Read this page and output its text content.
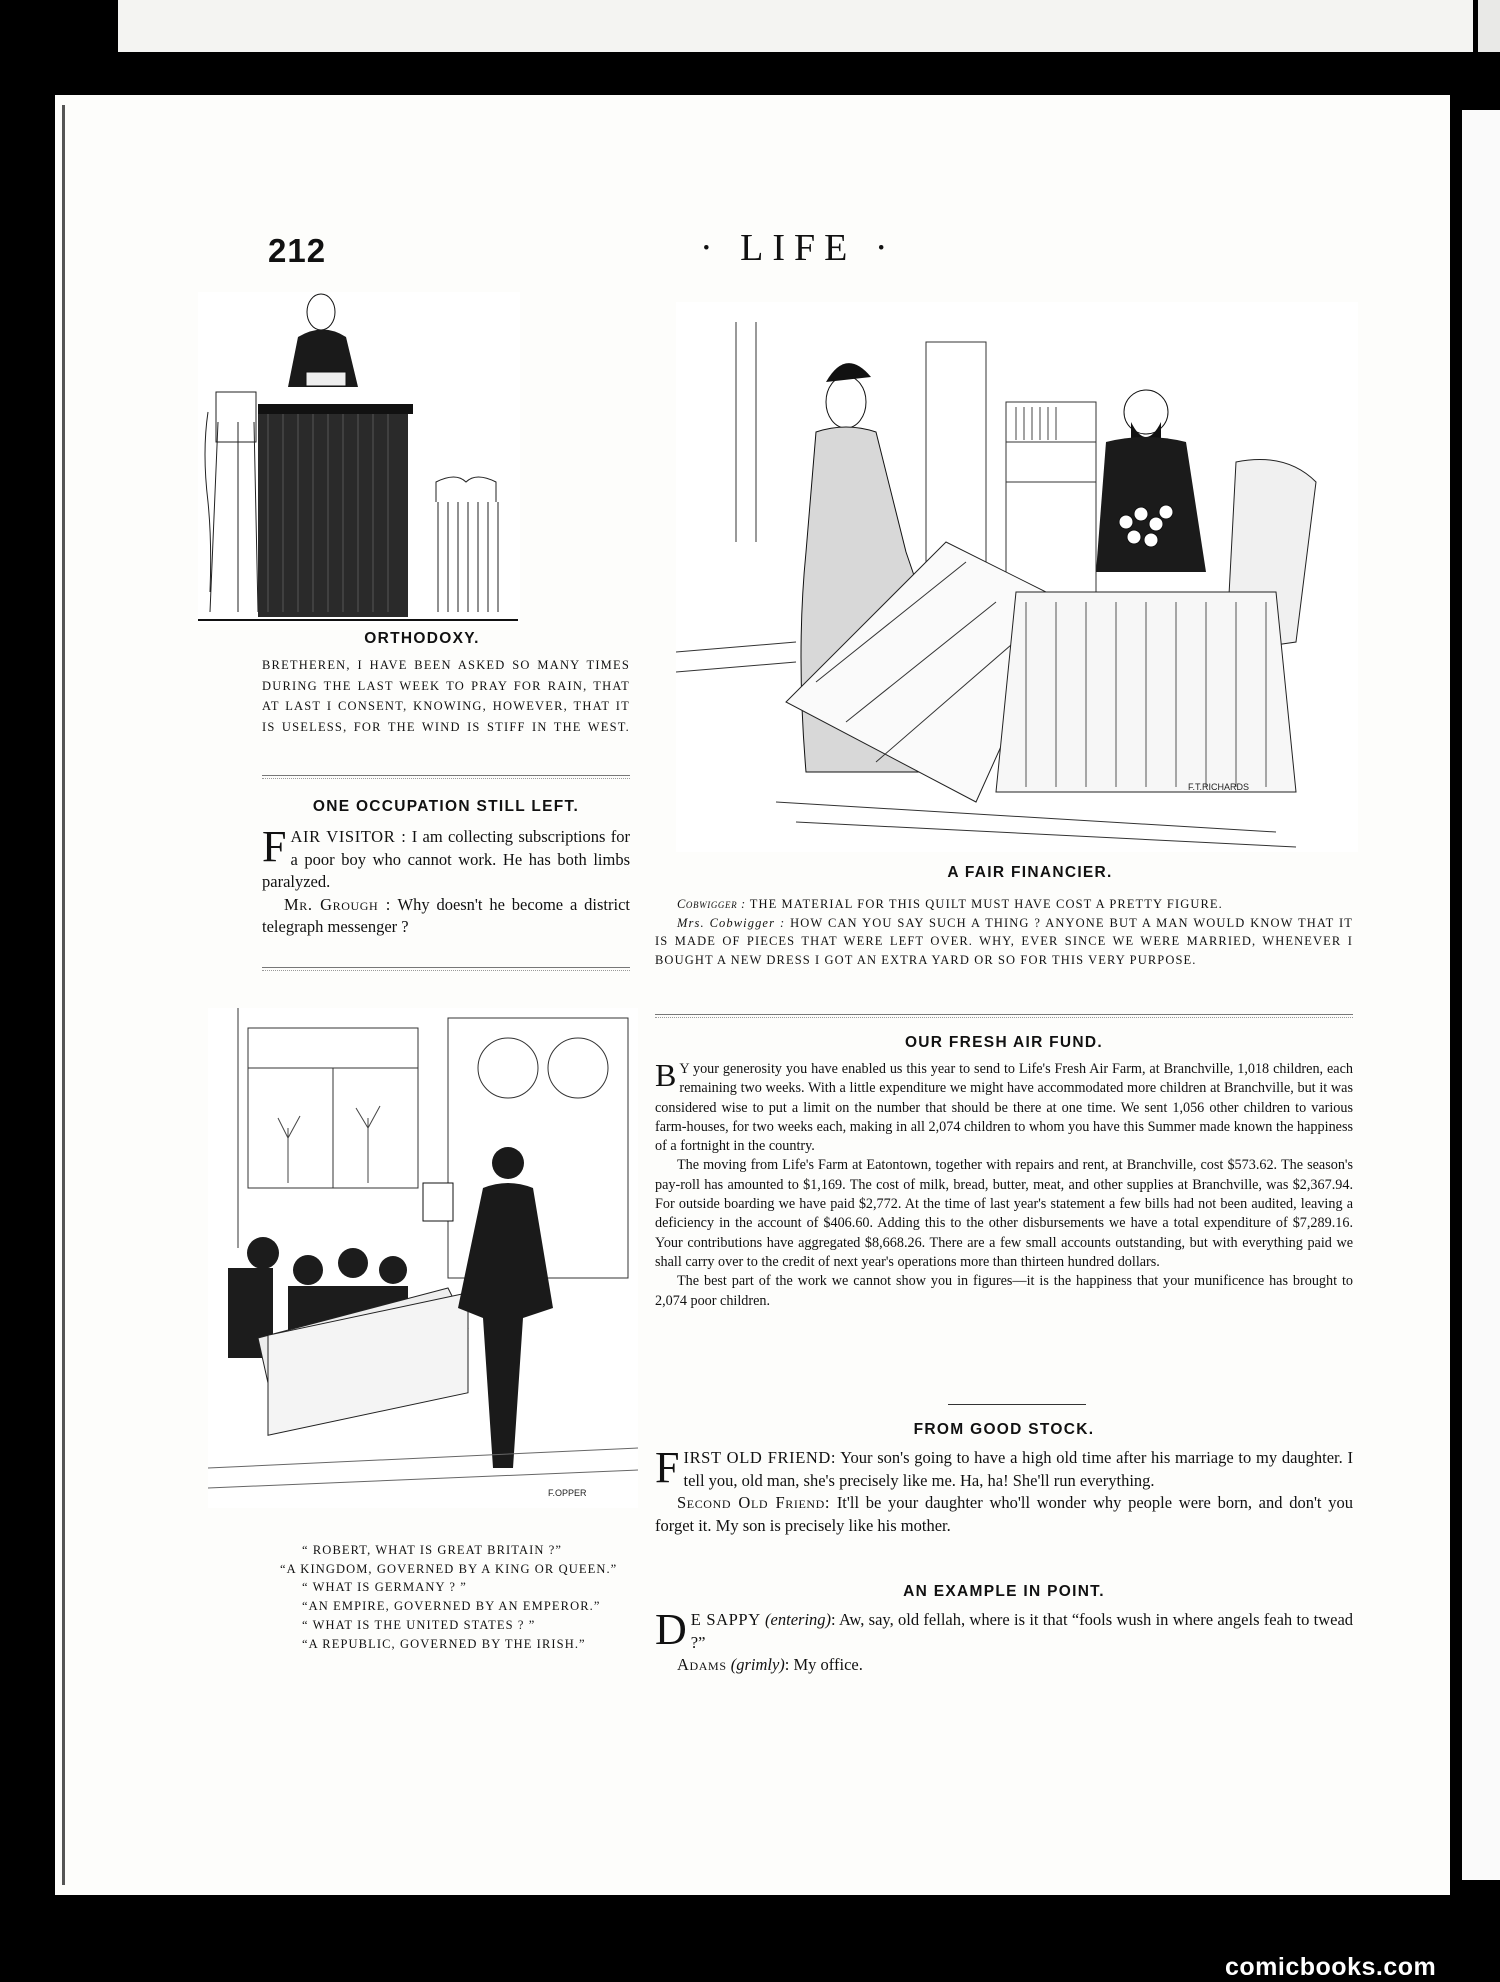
212	· LIFE ·
ORTHODOXY.
BRETHEREN, I HAVE BEEN ASKED SO MANY TIMES DURING THE LAST WEEK TO PRAY FOR RAIN, THAT AT LAST I CONSENT, KNOWING, HOWEVER, THAT IT IS USELESS, FOR THE WIND IS STIFF IN THE WEST.
ONE OCCUPATION STILL LEFT.

FAIR VISITOR : I am collecting subscriptions for a poor boy who cannot work. He has both limbs paralyzed.

Mr. Grough : Why doesn't he become a district telegraph messenger ?

F.OPPER

“ ROBERT, WHAT IS GREAT BRITAIN ?”

“A KINGDOM, GOVERNED BY A KING OR QUEEN.”

“ WHAT IS GERMANY ? ”

“AN EMPIRE, GOVERNED BY AN EMPEROR.”

“ WHAT IS THE UNITED STATES ? ”

“A REPUBLIC, GOVERNED BY THE IRISH.”

F.T.RICHARDS
A FAIR FINANCIER.

Cobwigger : THE MATERIAL FOR THIS QUILT MUST HAVE COST A PRETTY FIGURE.

Mrs. Cobwigger : HOW CAN YOU SAY SUCH A THING ? ANYONE BUT A MAN WOULD KNOW THAT IT IS MADE OF PIECES THAT WERE LEFT OVER. WHY, EVER SINCE WE WERE MARRIED, WHENEVER I BOUGHT A NEW DRESS I GOT AN EXTRA YARD OR SO FOR THIS VERY PURPOSE.

OUR FRESH AIR FUND.

B Y your generosity you have enabled us this year to send to Life's Fresh Air Farm, at Branchville, 1,018 children, each remaining two weeks. With a little expenditure we might have accommodated more children at Branchville, but it was considered wise to put a limit on the number that should be there at one time. We sent 1,056 other children to various farm-houses, for two weeks each, making in all 2,074 children to whom you have this Summer made known the happiness of a fortnight in the country.

The moving from Life's Farm at Eatontown, together with repairs and rent, at Branchville, cost $573.62. The season's pay-roll has amounted to $1,169. The cost of milk, bread, butter, meat, and other supplies at Branchville, was $2,367.94. For outside boarding we have paid $2,772. At the time of last year's statement a few bills had not been audited, leaving a deficiency in the account of $406.60. Adding this to the other disbursements we have a total expenditure of $7,289.16. Your contributions have aggregated $8,668.26. There are a few small accounts outstanding, but with everything paid we shall carry over to the credit of next year's operations more than thirteen hundred dollars.

The best part of the work we cannot show you in figures—it is the happiness that your munificence has brought to 2,074 poor children.

FROM GOOD STOCK.

FIRST OLD FRIEND: Your son's going to have a high old time after his marriage to my daughter. I tell you, old man, she's precisely like me. Ha, ha! She'll run everything.

Second Old Friend: It'll be your daughter who'll wonder why people were born, and don't you forget it. My son is precisely like his mother.

AN EXAMPLE IN POINT.

D E SAPPY (entering): Aw, say, old fellah, where is it that “fools wush in where angels feah to twead ?”

Adams (grimly): My office.

comicbooks.com
